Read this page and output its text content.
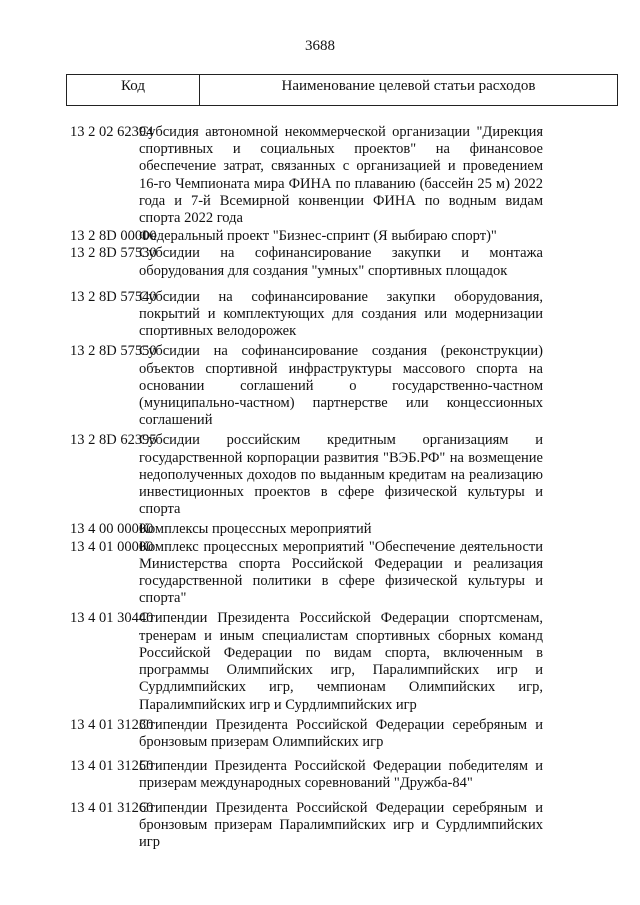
3688
Код	Наименование целевой статьи расходов
13 2 02 62394
Субсидия автономной некоммерческой организации "Дирекция спортивных и социальных проектов" на финансовое обеспечение затрат, связанных с организацией и проведением 16-го Чемпионата мира ФИНА по плаванию (бассейн 25 м) 2022 года и 7-й Всемирной конвенции ФИНА по водным видам спорта 2022 года
13 2 8D 00000
Федеральный проект "Бизнес-спринт (Я выбираю спорт)"
13 2 8D 57530
Субсидии на софинансирование закупки и монтажа оборудования для создания "умных" спортивных площадок
13 2 8D 57540
Субсидии на софинансирование закупки оборудования, покрытий и комплектующих для создания или модернизации спортивных велодорожек
13 2 8D 57550
Субсидии на софинансирование создания (реконструкции) объектов спортивной инфраструктуры массового спорта на основании соглашений о государственно-частном (муниципально-частном) партнерстве или концессионных соглашений
13 2 8D 62395
Субсидии российским кредитным организациям и государственной корпорации развития "ВЭБ.РФ" на возмещение недополученных доходов по выданным кредитам на реализацию инвестиционных проектов в сфере физической культуры и спорта
13 4 00 00000
Комплексы процессных мероприятий
13 4 01 00000
Комплекс процессных мероприятий "Обеспечение деятельности Министерства спорта Российской Федерации и реализация государственной политики в сфере физической культуры и спорта"
13 4 01 30440
Стипендии Президента Российской Федерации спортсменам, тренерам и иным специалистам спортивных сборных команд Российской Федерации по видам спорта, включенным в программы Олимпийских игр, Паралимпийских игр и Сурдлимпийских игр, чемпионам Олимпийских игр, Паралимпийских игр и Сурдлимпийских игр
13 4 01 31230
Стипендии Президента Российской Федерации серебряным и бронзовым призерам Олимпийских игр
13 4 01 31250
Стипендии Президента Российской Федерации победителям и призерам международных соревнований "Дружба-84"
13 4 01 31260
Стипендии Президента Российской Федерации серебряным и бронзовым призерам Паралимпийских игр и Сурдлимпийских игр
